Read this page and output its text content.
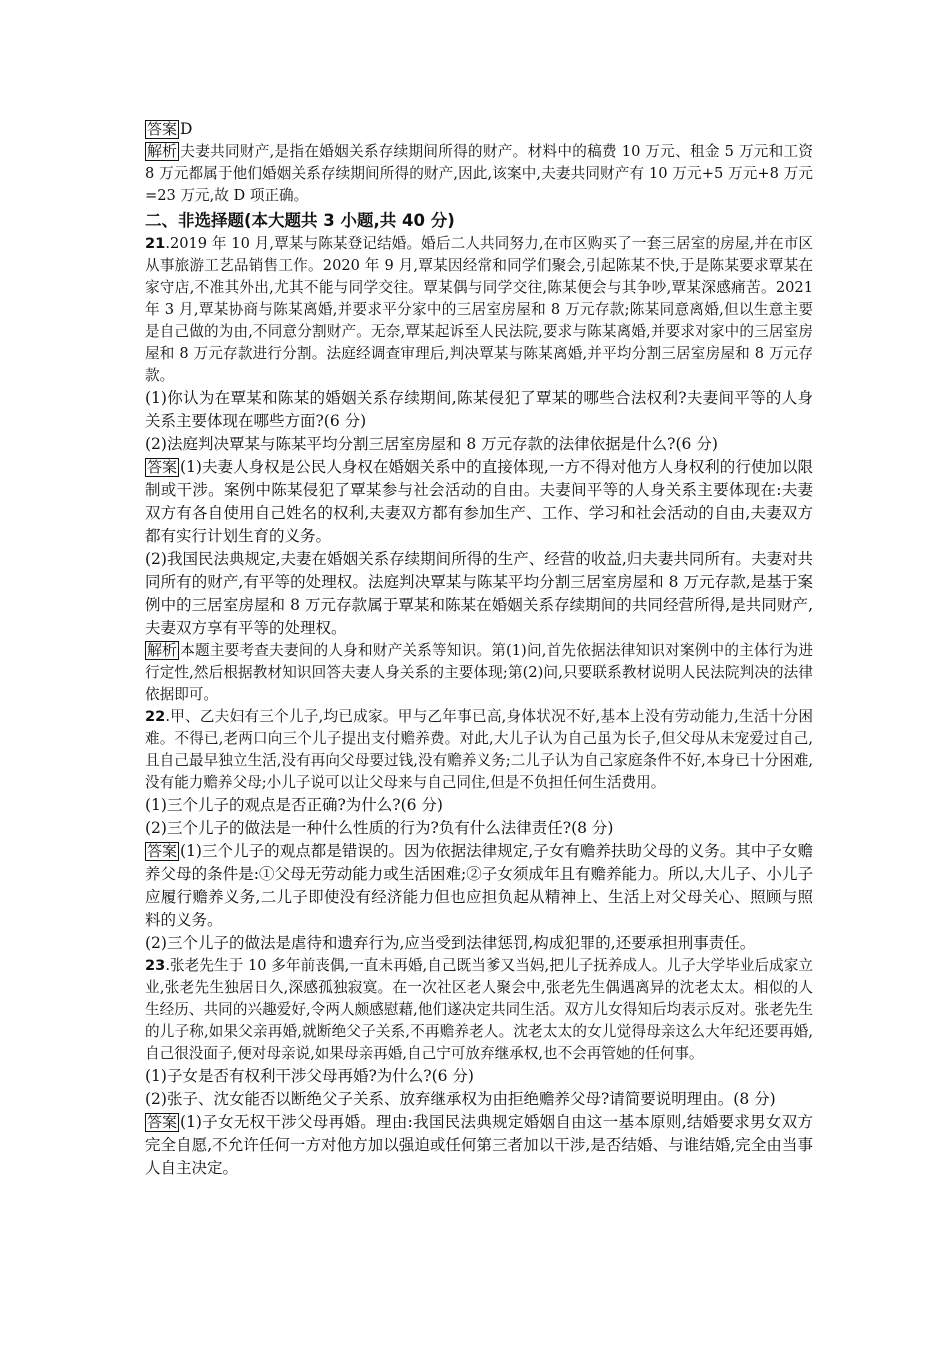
答案 D

解析 夫妻共同财产,是指在婚姻关系存续期间所得的财产。材料中的稿费 10 万元、租金 5 万元和工资 8 万元都属于他们婚姻关系存续期间所得的财产,因此,该案中,夫妻共同财产有 10 万元+5 万元+8 万元=23 万元,故 D 项正确。

二、非选择题(本大题共 3 小题,共 40 分)

21.2019 年 10 月,覃某与陈某登记结婚。婚后二人共同努力,在市区购买了一套三居室的房屋,并在市区从事旅游工艺品销售工作。2020 年 9 月,覃某因经常和同学们聚会,引起陈某不快,于是陈某要求覃某在家守店,不准其外出,尤其不能与同学交往。覃某偶与同学交往,陈某便会与其争吵,覃某深感痛苦。2021 年 3 月,覃某协商与陈某离婚,并要求平分家中的三居室房屋和 8 万元存款;陈某同意离婚,但以生意主要是自己做的为由,不同意分割财产。无奈,覃某起诉至人民法院,要求与陈某离婚,并要求对家中的三居室房屋和 8 万元存款进行分割。法庭经调查审理后,判决覃某与陈某离婚,并平均分割三居室房屋和 8 万元存款。

(1)你认为在覃某和陈某的婚姻关系存续期间,陈某侵犯了覃某的哪些合法权利?夫妻间平等的人身关系主要体现在哪些方面?(6 分)

(2)法庭判决覃某与陈某平均分割三居室房屋和 8 万元存款的法律依据是什么?(6 分)

答案 (1)夫妻人身权是公民人身权在婚姻关系中的直接体现,一方不得对他方人身权利的行使加以限制或干涉。案例中陈某侵犯了覃某参与社会活动的自由。夫妻间平等的人身关系主要体现在:夫妻双方有各自使用自己姓名的权利,夫妻双方都有参加生产、工作、学习和社会活动的自由,夫妻双方都有实行计划生育的义务。

(2)我国民法典规定,夫妻在婚姻关系存续期间所得的生产、经营的收益,归夫妻共同所有。夫妻对共同所有的财产,有平等的处理权。法庭判决覃某与陈某平均分割三居室房屋和 8 万元存款,是基于案例中的三居室房屋和 8 万元存款属于覃某和陈某在婚姻关系存续期间的共同经营所得,是共同财产,夫妻双方享有平等的处理权。

解析 本题主要考查夫妻间的人身和财产关系等知识。第(1)问,首先依据法律知识对案例中的主体行为进行定性,然后根据教材知识回答夫妻人身关系的主要体现;第(2)问,只要联系教材说明人民法院判决的法律依据即可。

22.甲、乙夫妇有三个儿子,均已成家。甲与乙年事已高,身体状况不好,基本上没有劳动能力,生活十分困难。不得已,老两口向三个儿子提出支付赡养费。对此,大儿子认为自己虽为长子,但父母从未宠爱过自己,且自己最早独立生活,没有再向父母要过钱,没有赡养义务;二儿子认为自己家庭条件不好,本身已十分困难,没有能力赡养父母;小儿子说可以让父母来与自己同住,但是不负担任何生活费用。

(1)三个儿子的观点是否正确?为什么?(6 分)

(2)三个儿子的做法是一种什么性质的行为?负有什么法律责任?(8 分)

答案 (1)三个儿子的观点都是错误的。因为依据法律规定,子女有赡养扶助父母的义务。其中子女赡养父母的条件是:①父母无劳动能力或生活困难;②子女须成年且有赡养能力。所以,大儿子、小儿子应履行赡养义务,二儿子即使没有经济能力但也应担负起从精神上、生活上对父母关心、照顾与照料的义务。

(2)三个儿子的做法是虐待和遗弃行为,应当受到法律惩罚,构成犯罪的,还要承担刑事责任。

23.张老先生于 10 多年前丧偶,一直未再婚,自己既当爹又当妈,把儿子抚养成人。儿子大学毕业后成家立业,张老先生独居日久,深感孤独寂寞。在一次社区老人聚会中,张老先生偶遇离异的沈老太太。相似的人生经历、共同的兴趣爱好,令两人颇感慰藉,他们遂决定共同生活。双方儿女得知后均表示反对。张老先生的儿子称,如果父亲再婚,就断绝父子关系,不再赡养老人。沈老太太的女儿觉得母亲这么大年纪还要再婚,自己很没面子,便对母亲说,如果母亲再婚,自己宁可放弃继承权,也不会再管她的任何事。

(1)子女是否有权利干涉父母再婚?为什么?(6 分)

(2)张子、沈女能否以断绝父子关系、放弃继承权为由拒绝赡养父母?请简要说明理由。(8 分)

答案 (1)子女无权干涉父母再婚。理由:我国民法典规定婚姻自由这一基本原则,结婚要求男女双方完全自愿,不允许任何一方对他方加以强迫或任何第三者加以干涉,是否结婚、与谁结婚,完全由当事人自主决定。
